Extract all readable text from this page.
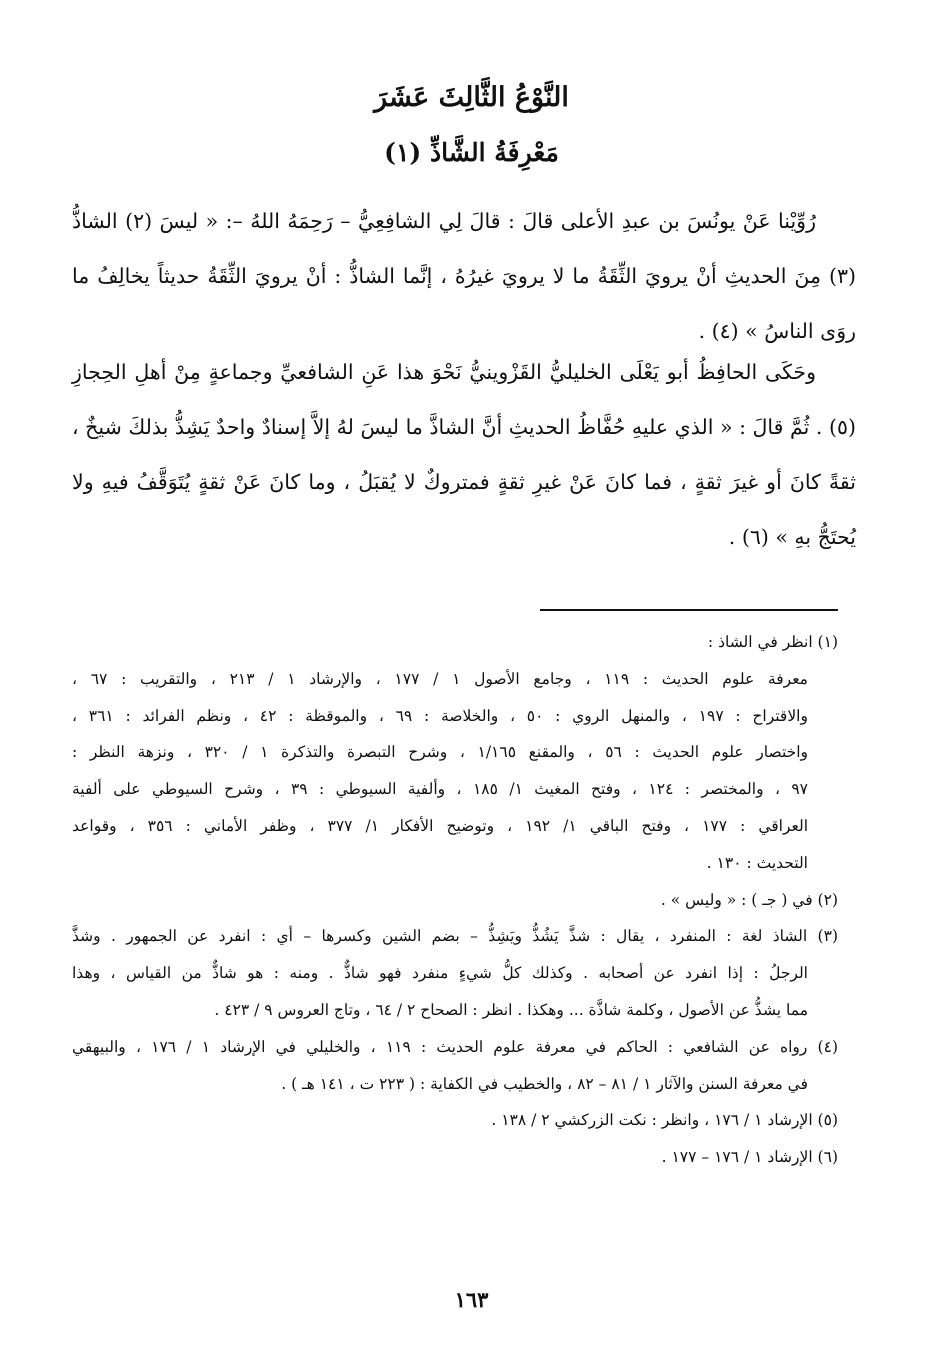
النَّوْعُ الثَّالِثَ عَشَرَ
مَعْرِفَةُ الشَّاذِّ (١)

رُوِّيْنا عَنْ يونُسَ بن عبدِ الأعلى قالَ : قالَ لِي الشافِعِيُّ – رَحِمَهُ اللهُ –: « ليسَ (٢) الشاذُّ (٣) مِنَ الحديثِ أنْ يرويَ الثِّقَةُ ما لا يرويَ غيرُهُ ، إنَّما الشاذُّ : أنْ يرويَ الثِّقَةُ حديثاً يخالِفُ ما روَى الناسُ » (٤) .

وحَكَى الحافِظُ أبو يَعْلَى الخليليُّ القَزْوينيُّ نَحْوَ هذا عَنِ الشافعيِّ وجماعةٍ مِنْ أهلِ الحِجازِ (٥) . ثُمَّ قالَ : « الذي عليهِ حُفَّاظُ الحديثِ أنَّ الشاذَّ ما ليسَ لهُ إلاَّ إسنادٌ واحدٌ يَشِذُّ بذلكَ شيخٌ ، ثقةً كانَ أو غيرَ ثقةٍ ، فما كانَ عَنْ غيرِ ثقةٍ فمتروكٌ لا يُقبَلُ ، وما كانَ عَنْ ثقةٍ يُتَوَقَّفُ فيهِ ولا يُحتَجُّ بهِ » (٦) .

(١) انظر في الشاذ :

معرفة علوم الحديث : ١١٩ ، وجامع الأصول ١ / ١٧٧ ، والإرشاد ١ / ٢١٣ ، والتقريب : ٦٧ ،
والاقتراح : ١٩٧ ، والمنهل الروي : ٥٠ ، والخلاصة : ٦٩ ، والموقظة : ٤٢ ، ونظم الفرائد : ٣٦١ ،
واختصار علوم الحديث : ٥٦ ، والمقنع ١/١٦٥ ، وشرح التبصرة والتذكرة ١ / ٣٢٠ ، ونزهة النظر :
٩٧ ، والمختصر : ١٢٤ ، وفتح المغيث ١/ ١٨٥ ، وألفية السيوطي : ٣٩ ، وشرح السيوطي على ألفية
العراقي : ١٧٧ ، وفتح الباقي ١/ ١٩٢ ، وتوضيح الأفكار ١/ ٣٧٧ ، وظفر الأماني : ٣٥٦ ، وقواعد
التحديث : ١٣٠ .

(٢) في ( جـ ) : « وليس » .

(٣) الشاذ لغة : المنفرد ، يقال : شذَّ يَشُذُّ ويَشِذُّ – بضم الشين وكسرها – أي : انفرد عن الجمهور . وشذَّ
الرجلُ : إذا انفرد عن أصحابه . وكذلك كلُّ شيءٍ منفرد فهو شاذٌّ . ومنه : هو شاذٌّ من القياس ، وهذا
مما يشذُّ عن الأصول ، وكلمة شاذَّة ... وهكذا . انظر : الصحاح ٢ / ٦٤ ، وتاج العروس ٩ / ٤٢٣ .
(٤) رواه عن الشافعي : الحاكم في معرفة علوم الحديث : ١١٩ ، والخليلي في الإرشاد ١ / ١٧٦ ، والبيهقي
في معرفة السنن والآثار ١ / ٨١ – ٨٢ ، والخطيب في الكفاية : ( ٢٢٣ ت ، ١٤١ هـ ) .

(٥) الإرشاد ١ / ١٧٦ ، وانظر : نكت الزركشي ٢ / ١٣٨ .

(٦) الإرشاد ١ / ١٧٦ – ١٧٧ .

١٦٣
